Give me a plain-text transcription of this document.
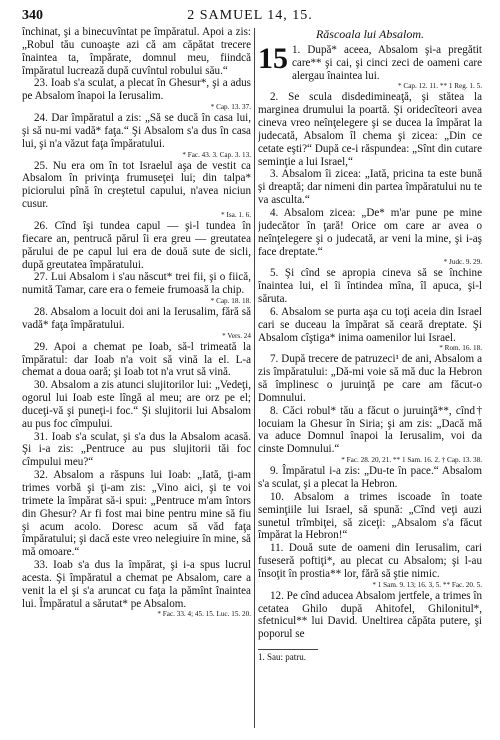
340	2 SAMUEL 14, 15.

închinat, şi a binecuvîntat pe împăratul. Apoi a zis: „Robul tău cunoaşte azi că am căpătat trecere înaintea ta, împărate, domnul meu, fiindcă împăratul lucrează după cuvîntul robului său.“

23. Ioab s'a sculat, a plecat în Ghesur*, şi a adus pe Absalom înapoi la Ierusalim.

* Cap. 13. 37.

24. Dar împăratul a zis: „Să se ducă în casa lui, şi să nu-mi vadă* faţa.“ Şi Absalom s'a dus în casa lui, şi n'a văzut faţa împăratului.

* Fac. 43. 3. Cap. 3. 13.

25. Nu era om în tot Israelul aşa de vestit ca Absalom în privinţa frumuseţei lui; din talpa* piciorului pînă în creştetul capului, n'avea niciun cusur.

* Isa. 1. 6.

26. Cînd îşi tundea capul — şi-l tundea în fiecare an, pentrucă părul îi era greu — greutatea părului de pe capul lui era de două sute de sicli, după greutatea împăratului.

27. Lui Absalom i s'au născut* trei fii, şi o fiică, numită Tamar, care era o femeie frumoasă la chip.

* Cap. 18. 18.

28. Absalom a locuit doi ani la Ierusalim, fără să vadă* faţa împăratului.

* Vers. 24

29. Apoi a chemat pe Ioab, să-l trimeată la împăratul: dar Ioab n'a voit să vină la el. L-a chemat a doua oară; şi Ioab tot n'a vrut să vină.

30. Absalom a zis atunci slujitorilor lui: „Vedeţi, ogorul lui Ioab este lîngă al meu; are orz pe el; duceţi-vă şi puneţi-i foc.“ Şi slujitorii lui Absalom au pus foc cîmpului.

31. Ioab s'a sculat, şi s'a dus la Absalom acasă. Şi i-a zis: „Pentruce au pus slujitorii tăi foc cîmpului meu?“

32. Absalom a răspuns lui Ioab: „Iată, ţi-am trimes vorbă şi ţi-am zis: „Vino aici, şi te voi trimete la împărat să-i spui: „Pentruce m'am întors din Ghesur? Ar fi fost mai bine pentru mine să fiu şi acum acolo. Doresc acum să văd faţa împăratului; şi dacă este vreo nelegiuire în mine, să mă omoare.“

33. Ioab s'a dus la împărat, şi i-a spus lucrul acesta. Şi împăratul a chemat pe Absalom, care a venit la el şi s'a aruncat cu faţa la pămînt înaintea lui. Împăratul a sărutat* pe Absalom.

* Fac. 33. 4; 45. 15. Luc. 15. 20.
Răscoala lui Absalom.

15 1. După* aceea, Absalom şi-a pregătit care** şi cai, şi cinci zeci de oameni care alergau înaintea lui.

* Cap. 12. 11. ** 1 Reg. 1. 5.

2. Se scula disdedimineaţă, şi stătea la marginea drumului la poartă. Şi oridecîteori avea cineva vreo neînţelegere şi se ducea la împărat la judecată, Absalom îl chema şi zicea: „Din ce cetate eşti?“ După ce-i răspundea: „Sînt din cutare seminţie a lui Israel,“

3. Absalom îi zicea: „Iată, pricina ta este bună şi dreaptă; dar nimeni din partea împăratului nu te va asculta.“

4. Absalom zicea: „De* m'ar pune pe mine judecător în ţară! Orice om care ar avea o neînţelegere şi o judecată, ar veni la mine, şi i-aş face dreptate.“

* Judc. 9. 29.

5. Şi cînd se apropia cineva să se închine înaintea lui, el îi întindea mîna, îl apuca, şi-l săruta.

6. Absalom se purta aşa cu toţi aceia din Israel cari se duceau la împărat să ceară dreptate. Şi Absalom cîştiga* inima oamenilor lui Israel.

* Rom. 16. 18.

7. După trecere de patruzeci¹ de ani, Absalom a zis împăratului: „Dă-mi voie să mă duc la Hebron să împlinesc o juruinţă pe care am făcut-o Domnului.

8. Căci robul* tău a făcut o juruinţă**, cînd† locuiam la Ghesur în Siria; şi am zis: „Dacă mă va aduce Domnul înapoi la Ierusalim, voi da cinste Domnului.“

* Fac. 28. 20, 21. ** 1 Sam. 16. 2. † Cap. 13. 38.

9. Împăratul i-a zis: „Du-te în pace.“ Absalom s'a sculat, şi a plecat la Hebron.

10. Absalom a trimes iscoade în toate seminţiile lui Israel, să spună: „Cînd veţi auzi sunetul trîmbiţei, să ziceţi: „Absalom s'a făcut împărat la Hebron!“

11. Două sute de oameni din Ierusalim, cari fuseseră poftiţi*, au plecat cu Absalom; şi l-au însoţit în prostia** lor, fără să ştie nimic.

* 1 Sam. 9. 13; 16. 3, 5. ** Fac. 20. 5.

12. Pe cînd aducea Absalom jertfele, a trimes în cetatea Ghilo după Ahitofel, Ghilonitul*, sfetnicul** lui David. Uneltirea căpăta putere, şi poporul se

1. Sau: patru.
